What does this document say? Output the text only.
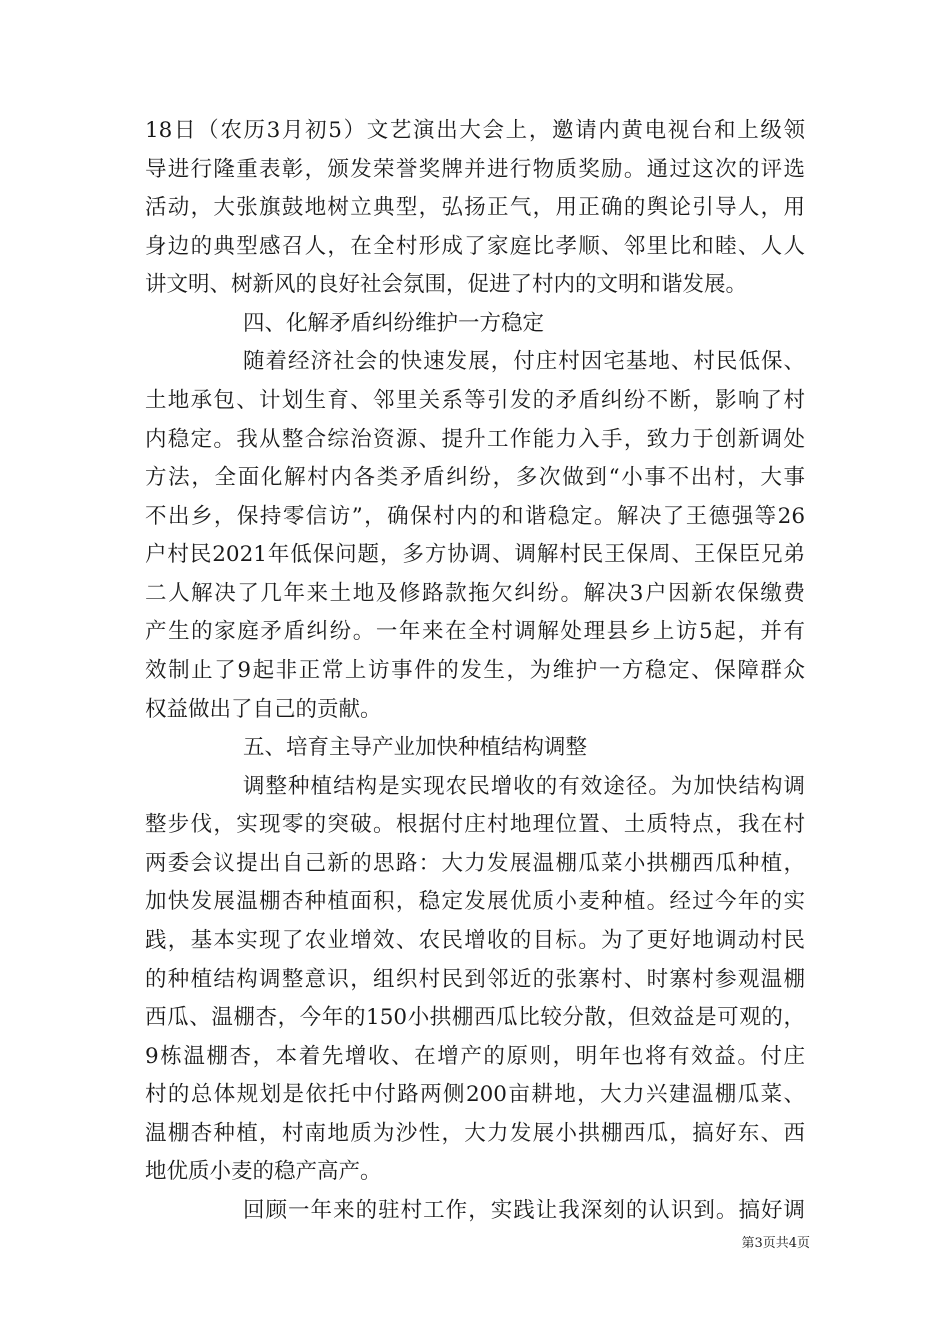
18日（农历3月初5）文艺演出大会上，邀请内黄电视台和上级领
导进行隆重表彰，颁发荣誉奖牌并进行物质奖励。通过这次的评选
活动，大张旗鼓地树立典型，弘扬正气，用正确的舆论引导人，用
身边的典型感召人，在全村形成了家庭比孝顺、邻里比和睦、人人
讲文明、树新风的良好社会氛围，促进了村内的文明和谐发展。
四、化解矛盾纠纷维护一方稳定
随着经济社会的快速发展，付庄村因宅基地、村民低保、
土地承包、计划生育、邻里关系等引发的矛盾纠纷不断，影响了村
内稳定。我从整合综治资源、提升工作能力入手，致力于创新调处
方法，全面化解村内各类矛盾纠纷，多次做到“小事不出村，大事
不出乡，保持零信访”，确保村内的和谐稳定。解决了王德强等26
户村民2021年低保问题，多方协调、调解村民王保周、王保臣兄弟
二人解决了几年来土地及修路款拖欠纠纷。解决3户因新农保缴费
产生的家庭矛盾纠纷。一年来在全村调解处理县乡上访5起，并有
效制止了9起非正常上访事件的发生，为维护一方稳定、保障群众
权益做出了自己的贡献。
五、培育主导产业加快种植结构调整
调整种植结构是实现农民增收的有效途径。为加快结构调
整步伐，实现零的突破。根据付庄村地理位置、土质特点，我在村
两委会议提出自己新的思路：大力发展温棚瓜菜小拱棚西瓜种植，
加快发展温棚杏种植面积，稳定发展优质小麦种植。经过今年的实
践，基本实现了农业增效、农民增收的目标。为了更好地调动村民
的种植结构调整意识，组织村民到邻近的张寨村、时寨村参观温棚
西瓜、温棚杏，今年的150小拱棚西瓜比较分散，但效益是可观的，
9栋温棚杏，本着先增收、在增产的原则，明年也将有效益。付庄
村的总体规划是依托中付路两侧200亩耕地，大力兴建温棚瓜菜、
温棚杏种植，村南地质为沙性，大力发展小拱棚西瓜，搞好东、西
地优质小麦的稳产高产。
回顾一年来的驻村工作，实践让我深刻的认识到。搞好调
第3页共4页
